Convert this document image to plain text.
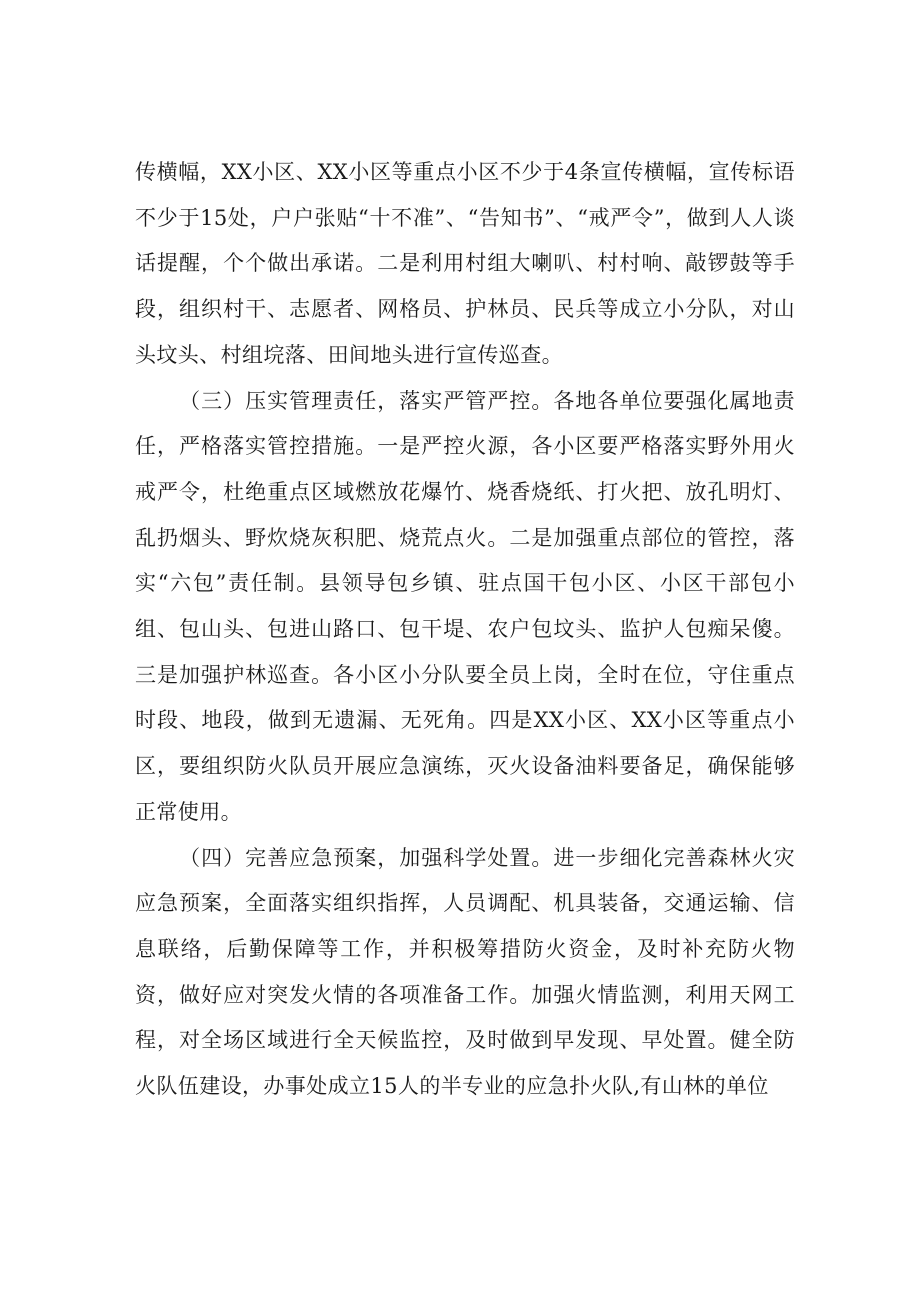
传横幅，XX小区、XX小区等重点小区不少于4条宣传横幅，宣传标语不少于15处，户户张贴“十不准”、“告知书”、“戒严令”，做到人人谈话提醒，个个做出承诺。二是利用村组大喇叭、村村响、敲锣鼓等手段，组织村干、志愿者、网格员、护林员、民兵等成立小分队，对山头坟头、村组垸落、田间地头进行宣传巡查。

（三）压实管理责任，落实严管严控。各地各单位要强化属地责任，严格落实管控措施。一是严控火源，各小区要严格落实野外用火戒严令，杜绝重点区域燃放花爆竹、烧香烧纸、打火把、放孔明灯、乱扔烟头、野炊烧灰积肥、烧荒点火。二是加强重点部位的管控，落实“六包”责任制。县领导包乡镇、驻点国干包小区、小区干部包小组、包山头、包进山路口、包干堤、农户包坟头、监护人包痴呆傻。三是加强护林巡查。各小区小分队要全员上岗，全时在位，守住重点时段、地段，做到无遗漏、无死角。四是XX小区、XX小区等重点小区，要组织防火队员开展应急演练，灭火设备油料要备足，确保能够正常使用。

（四）完善应急预案，加强科学处置。进一步细化完善森林火灾应急预案，全面落实组织指挥，人员调配、机具装备，交通运输、信息联络，后勤保障等工作，并积极筹措防火资金，及时补充防火物资，做好应对突发火情的各项准备工作。加强火情监测，利用天网工程，对全场区域进行全天候监控，及时做到早发现、早处置。健全防火队伍建设，办事处成立15人的半专业的应急扑火队,有山林的单位
